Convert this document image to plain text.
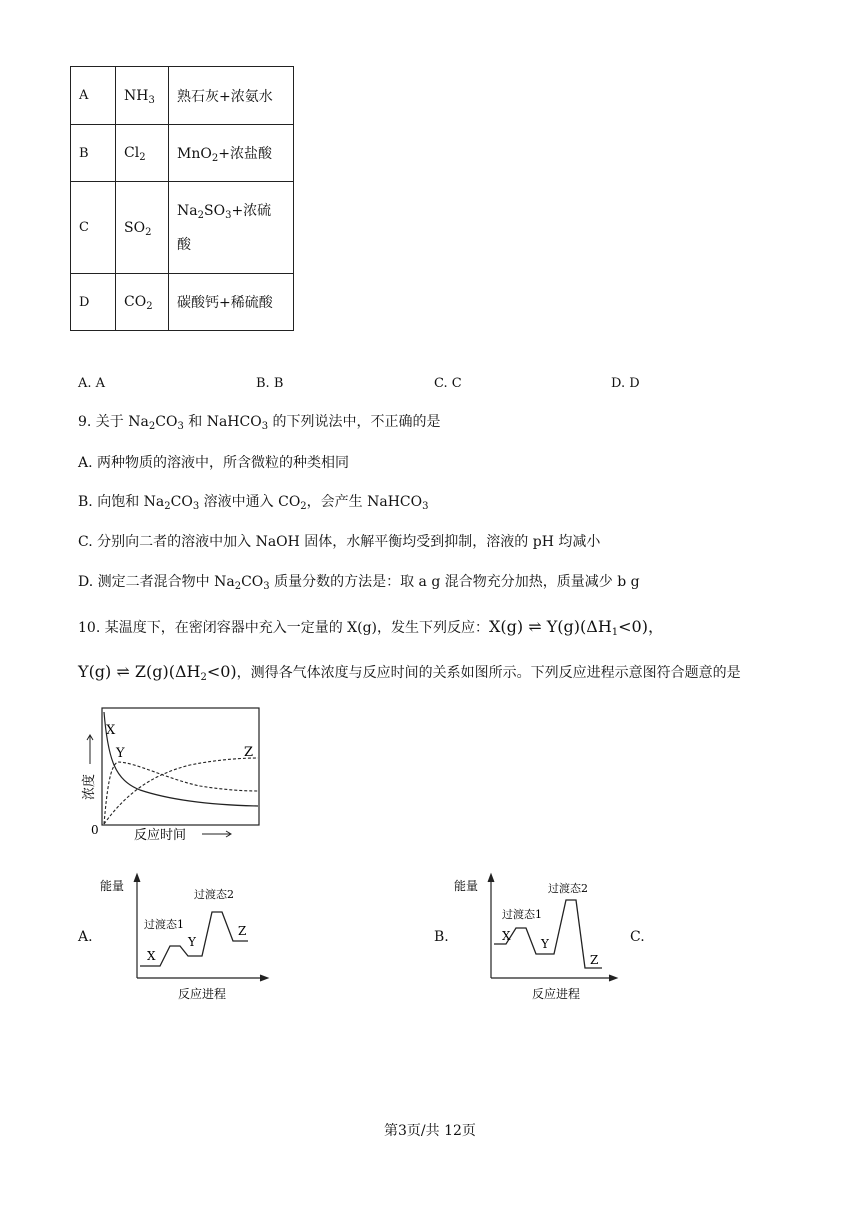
A	$NH_3$	熟石灰+浓氨水
B	$Cl_2$	MnO$_2$+浓盐酸
C	$SO_2$	$Na_2SO_3+$浓硫
酸
D	$CO_2$	碳酸钙+稀硫酸
A. A	B. B	C. C	D. D
9. 关于 $Na_2CO_3$ 和 NaHCO$_3$ 的下列说法中，不正确的是
A. 两种物质的溶液中，所含微粒的种类相同
B. 向饱和 $Na_2CO_3$ 溶液中通入 $CO_2$，会产生 NaHCO$_3$
C. 分别向二者的溶液中加入 NaOH 固体，水解平衡均受到抑制，溶液的 pH 均减小
D. 测定二者混合物中 $Na_2CO_3$ 质量分数的方法是：取 a g 混合物充分加热，质量减少 b g
10. 某温度下，在密闭容器中充入一定量的 X(g)，发生下列反应：X(g) ⇌ $Y(g)(\Delta H_1<0)$，
Y(g) ⇌ $Z(g)(\Delta H_2<0)$，测得各气体浓度与反应时间的关系如图所示。下列反应进程示意图符合题意的是
X
Y	Z
0	反应时间
浓度
A.
能量
过渡态1
过渡态2
X
Y
Z
反应进程
B.
能量
过渡态1
过渡态2
X
Y
Z
反应进程
C.
第3页/共 12页
